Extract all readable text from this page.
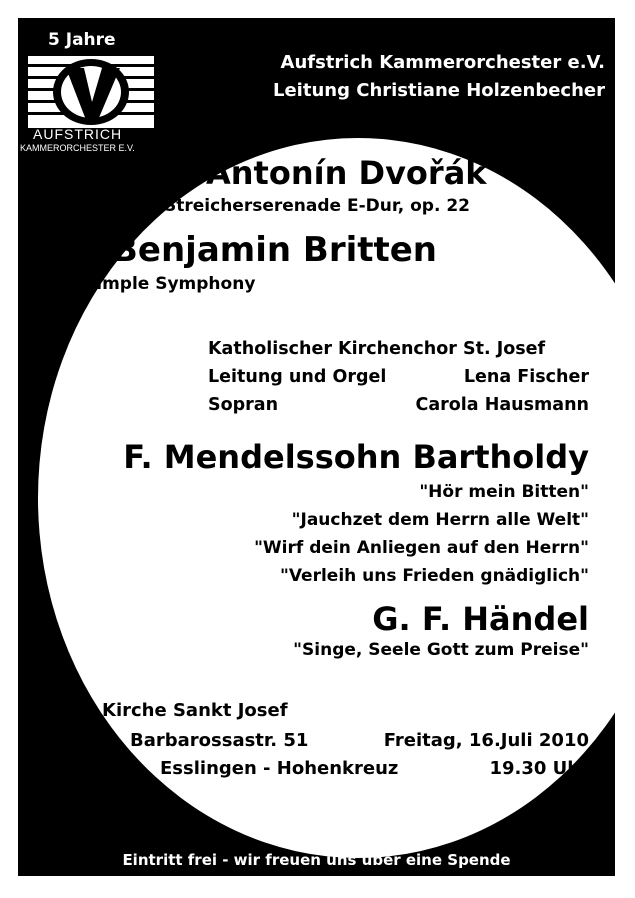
5 Jahre
AUFSTRICH
KAMMERORCHESTER E.V.
Aufstrich Kammerorchester e.V.
Leitung Christiane Holzenbecher
Antonín Dvořák
Streicherserenade E-Dur, op. 22
Benjamin Britten
Simple Symphony
Katholischer Kirchenchor St. Josef
Leitung und Orgel	Lena Fischer
Sopran	Carola Hausmann
F. Mendelssohn Bartholdy
"Hör mein Bitten"
"Jauchzet dem Herrn alle Welt"
"Wirf dein Anliegen auf den Herrn"
"Verleih uns Frieden gnädiglich"
G. F. Händel
"Singe, Seele Gott zum Preise"
Kirche Sankt Josef
Barbarossastr. 51	Freitag, 16.Juli 2010
Esslingen - Hohenkreuz	19.30 Uhr
Eintritt frei - wir freuen uns über eine Spende
